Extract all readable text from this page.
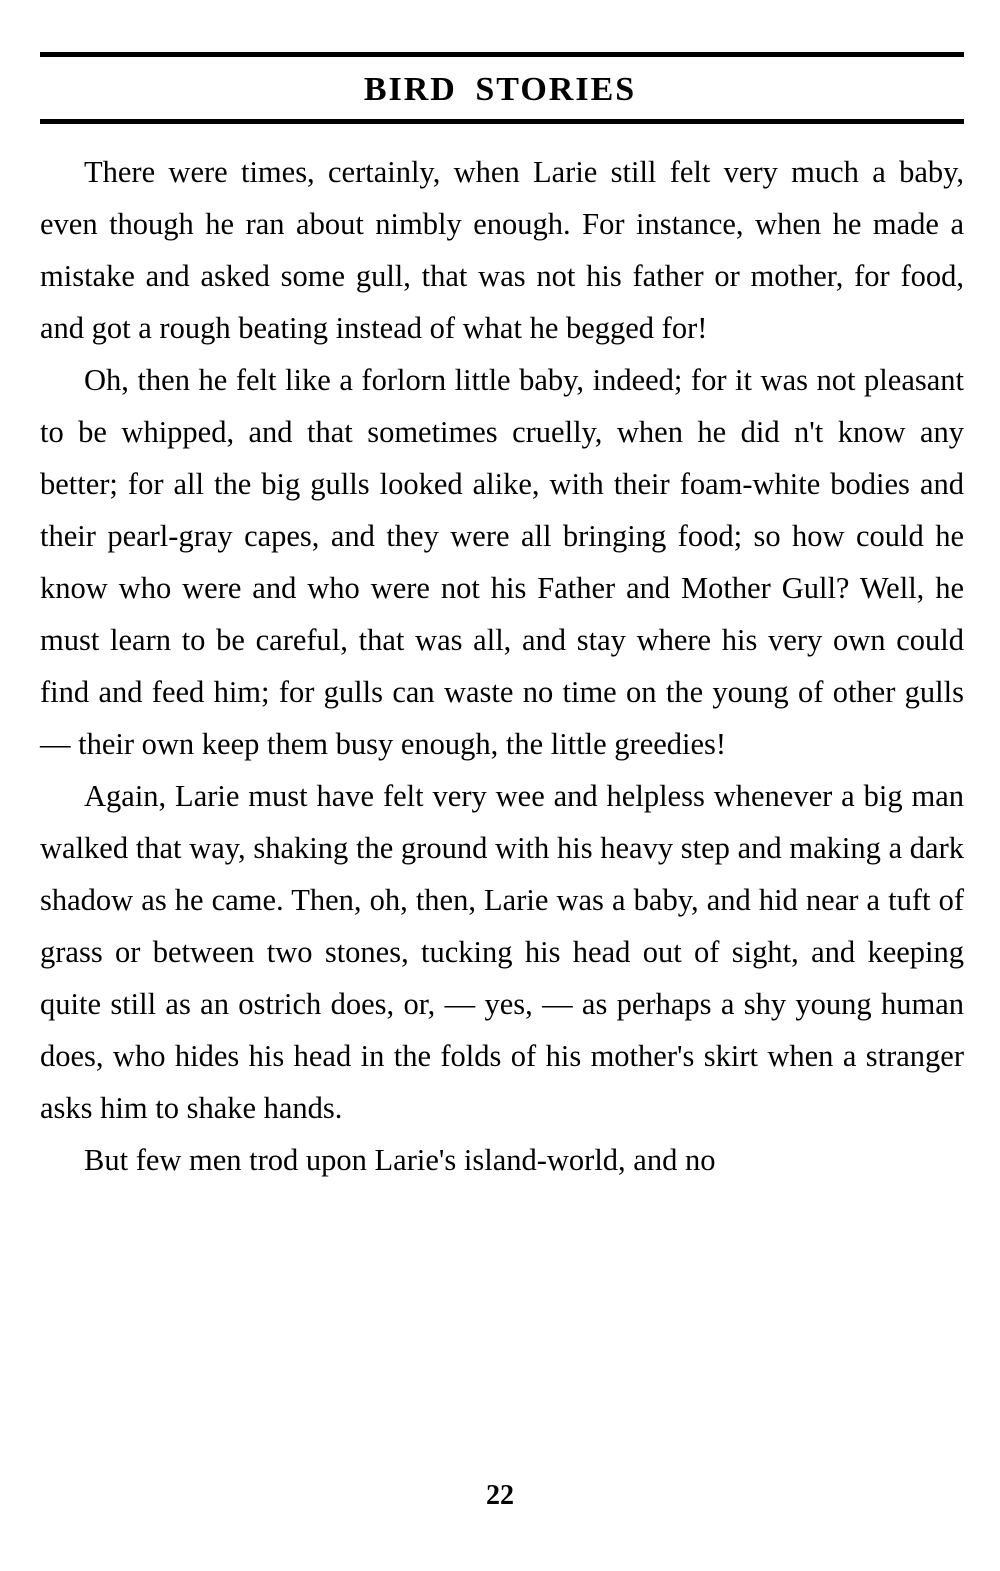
BIRD STORIES

There were times, certainly, when Larie still felt very much a baby, even though he ran about nimbly enough. For instance, when he made a mistake and asked some gull, that was not his father or mother, for food, and got a rough beating instead of what he begged for!

Oh, then he felt like a forlorn little baby, indeed; for it was not pleasant to be whipped, and that sometimes cruelly, when he did n't know any better; for all the big gulls looked alike, with their foam-white bodies and their pearl-gray capes, and they were all bringing food; so how could he know who were and who were not his Father and Mother Gull? Well, he must learn to be careful, that was all, and stay where his very own could find and feed him; for gulls can waste no time on the young of other gulls — their own keep them busy enough, the little greedies!

Again, Larie must have felt very wee and helpless whenever a big man walked that way, shaking the ground with his heavy step and making a dark shadow as he came. Then, oh, then, Larie was a baby, and hid near a tuft of grass or between two stones, tucking his head out of sight, and keeping quite still as an ostrich does, or, — yes, — as perhaps a shy young human does, who hides his head in the folds of his mother's skirt when a stranger asks him to shake hands.

But few men trod upon Larie's island-world, and no

22
